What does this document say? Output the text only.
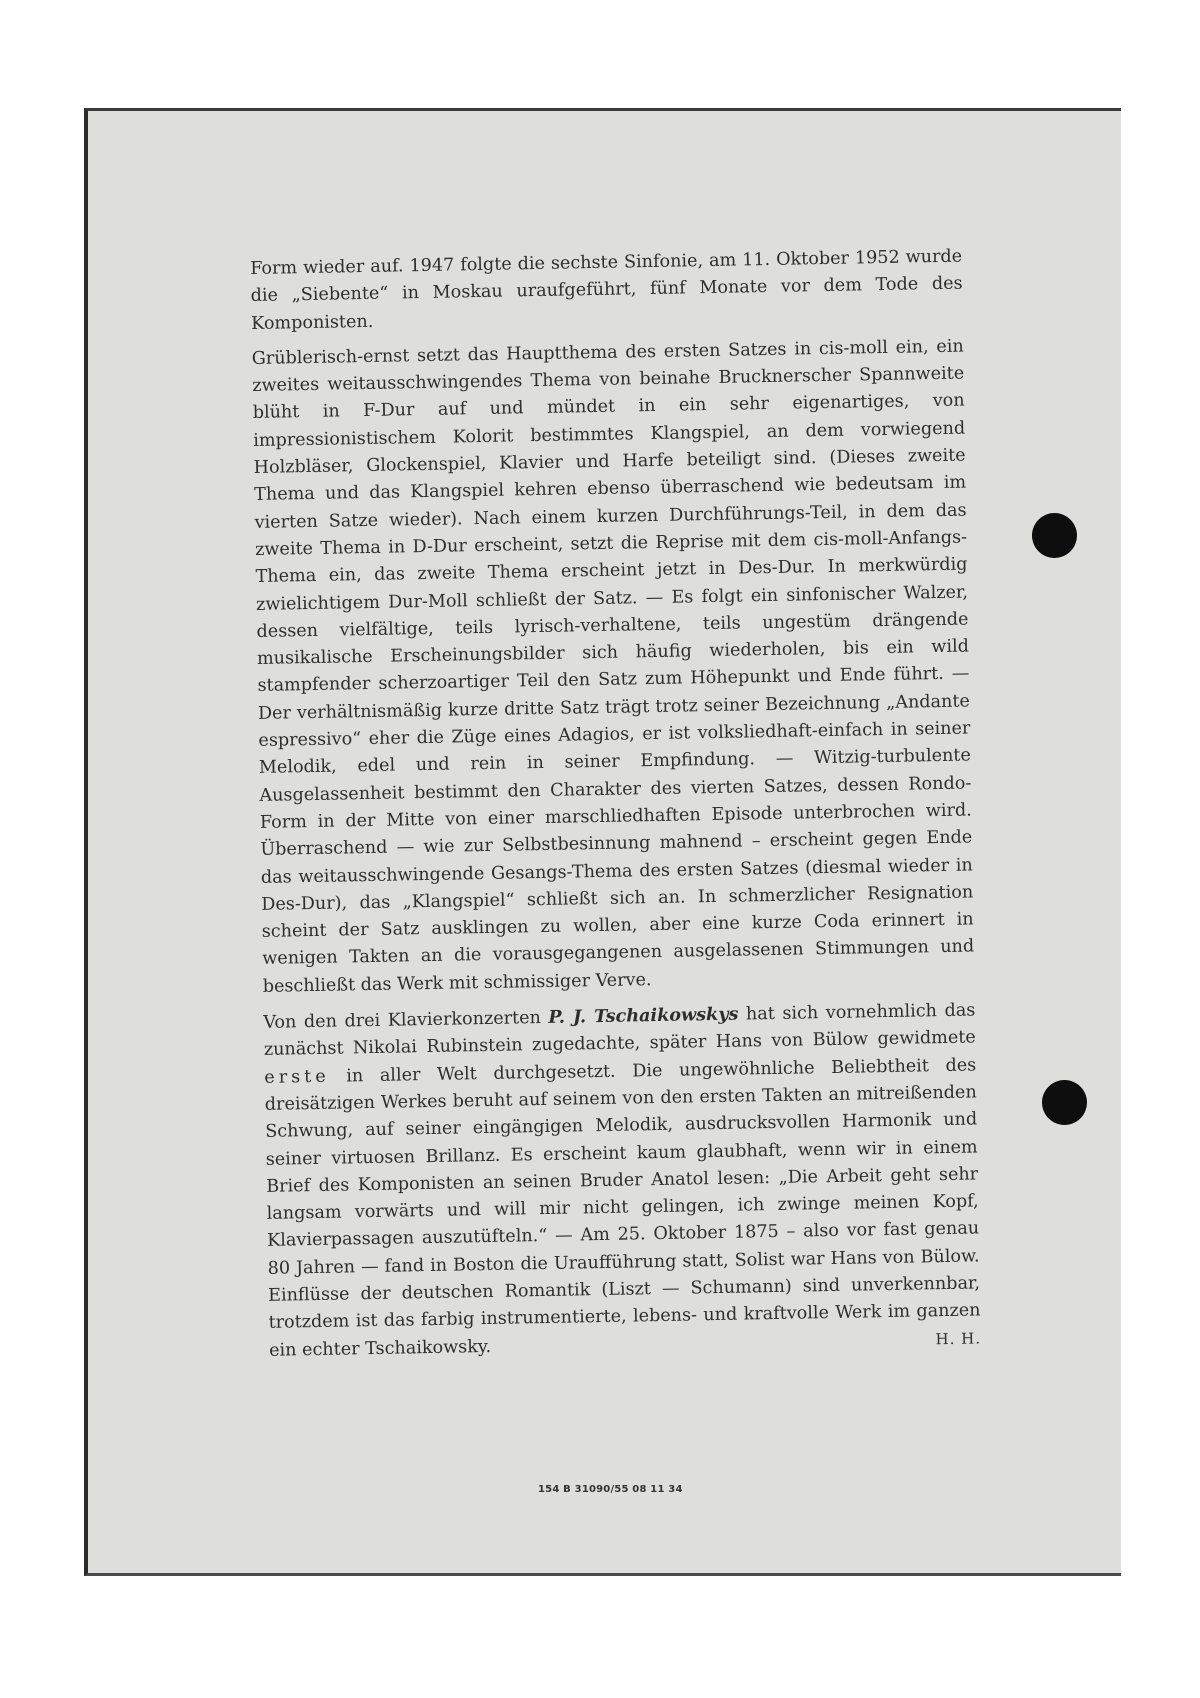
Form wieder auf. 1947 folgte die sechste Sinfonie, am 11. Oktober 1952 wurde die „Siebente“ in Moskau uraufgeführt, fünf Monate vor dem Tode des Komponisten.

Grüblerisch-ernst setzt das Hauptthema des ersten Satzes in cis-moll ein, ein zweites weitausschwingendes Thema von beinahe Brucknerscher Spannweite blüht in F-Dur auf und mündet in ein sehr eigenartiges, von impressionistischem Kolorit bestimmtes Klangspiel, an dem vorwiegend Holzbläser, Glockenspiel, Klavier und Harfe beteiligt sind. (Dieses zweite Thema und das Klangspiel kehren ebenso überraschend wie bedeutsam im vierten Satze wieder). Nach einem kurzen Durchführungs-Teil, in dem das zweite Thema in D-Dur erscheint, setzt die Reprise mit dem cis-moll-Anfangs-Thema ein, das zweite Thema erscheint jetzt in Des-Dur. In merkwürdig zwielichtigem Dur-Moll schließt der Satz. — Es folgt ein sinfonischer Walzer, dessen vielfältige, teils lyrisch-verhaltene, teils ungestüm drängende musikalische Erscheinungsbilder sich häufig wiederholen, bis ein wild stampfender scherzoartiger Teil den Satz zum Höhepunkt und Ende führt. — Der verhältnismäßig kurze dritte Satz trägt trotz seiner Bezeichnung „Andante espressivo“ eher die Züge eines Adagios, er ist volksliedhaft-einfach in seiner Melodik, edel und rein in seiner Empfindung. — Witzig-turbulente Ausgelassenheit bestimmt den Charakter des vierten Satzes, dessen Rondo-Form in der Mitte von einer marschliedhaften Episode unterbrochen wird. Überraschend — wie zur Selbstbesinnung mahnend – erscheint gegen Ende das weitausschwingende Gesangs-Thema des ersten Satzes (diesmal wieder in Des-Dur), das „Klangspiel“ schließt sich an. In schmerzlicher Resignation scheint der Satz ausklingen zu wollen, aber eine kurze Coda erinnert in wenigen Takten an die vorausgegangenen ausgelassenen Stimmungen und beschließt das Werk mit schmissiger Verve.

Von den drei Klavierkonzerten P. J. Tschaikowskys hat sich vornehmlich das zunächst Nikolai Rubinstein zugedachte, später Hans von Bülow gewidmete erste in aller Welt durchgesetzt. Die ungewöhnliche Beliebtheit des dreisätzigen Werkes beruht auf seinem von den ersten Takten an mitreißenden Schwung, auf seiner eingängigen Melodik, ausdrucksvollen Harmonik und seiner virtuosen Brillanz. Es erscheint kaum glaubhaft, wenn wir in einem Brief des Komponisten an seinen Bruder Anatol lesen: „Die Arbeit geht sehr langsam vorwärts und will mir nicht gelingen, ich zwinge meinen Kopf, Klavierpassagen auszutüfteln.“ — Am 25. Oktober 1875 – also vor fast genau 80 Jahren — fand in Boston die Uraufführung statt, Solist war Hans von Bülow. Einflüsse der deutschen Romantik (Liszt — Schumann) sind unverkennbar, trotzdem ist das farbig instrumentierte, lebens- und kraftvolle Werk im ganzen ein echter Tschaikowsky.	H. H.

154 B 31090/55 08 11 34
